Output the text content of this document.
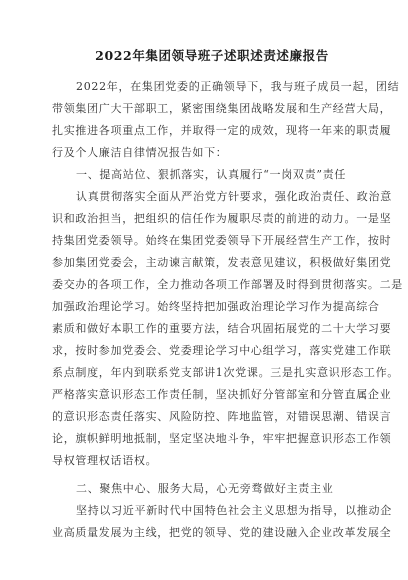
2022年集团领导班子述职述责述廉报告
2022年，在集团党委的正确领导下，我与班子成员一起，团结
带领集团广大干部职工，紧密围绕集团战略发展和生产经营大局，
扎实推进各项重点工作，并取得一定的成效，现将一年来的职责履
行及个人廉洁自律情况报告如下：
一、提高站位、狠抓落实，认真履行“一岗双责”责任
认真贯彻落实全面从严治党方针要求，强化政治责任、政治意
识和政治担当，把组织的信任作为履职尽责的前进的动力。一是坚
持集团党委领导。始终在集团党委领导下开展经营生产工作，按时
参加集团党委会，主动谏言献策，发表意见建议，积极做好集团党
委交办的各项工作，全力推动各项工作部署及时得到贯彻落实。二是
加强政治理论学习。始终坚持把加强政治理论学习作为提高综合
素质和做好本职工作的重要方法，结合巩固拓展党的二十大学习要
求，按时参加党委会、党委理论学习中心组学习，落实党建工作联
系点制度，年内到联系党支部讲1次党课。三是扎实意识形态工作。
严格落实意识形态工作责任制，坚决抓好分管部室和分管直属企业
的意识形态责任落实、风险防控、阵地监管，对错误思潮、错误言
论，旗帜鲜明地抵制，坚定坚决地斗争，牢牢把握意识形态工作领
导权管理权话语权。
二、聚焦中心、服务大局，心无旁骛做好主责主业
坚持以习近平新时代中国特色社会主义思想为指导，以推动企
业高质量发展为主线，把党的领导、党的建设融入企业改革发展全
